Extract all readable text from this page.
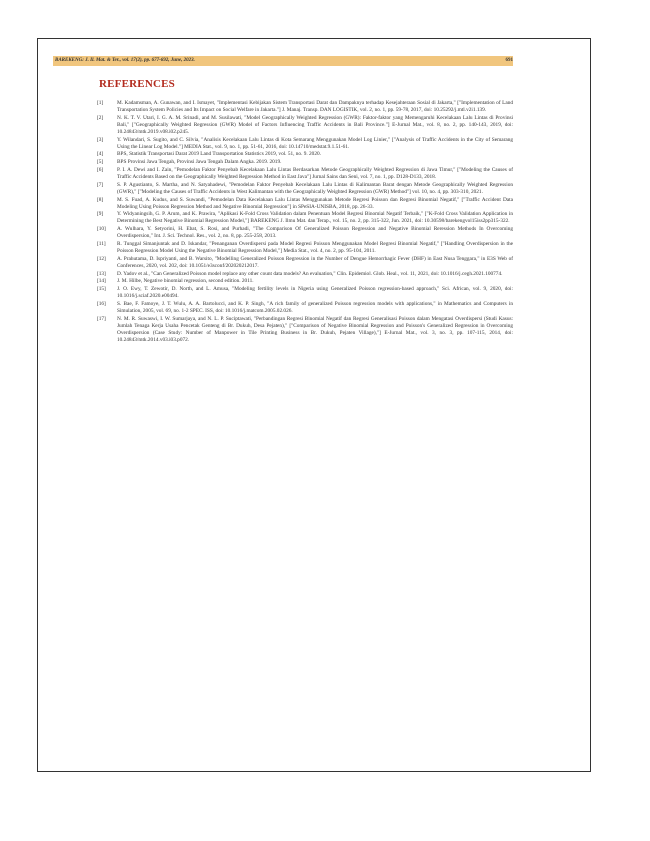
BAREKENG: J. Il. Mat. & Ter., vol. 17(2), pp. 677-692, June, 2023.	691
REFERENCES
[1]	M. Kadamsman, A. Gunawan, and I. Ismayet, "Implementasi Kebijakan Sistem Transportasi Darat dan Dampaknya terhadap Kesejahteraan Sosial di Jakarta," ["Implementation of Land Transportation System Policies and Its Impact on Social Welfare in Jakarta."] J. Manaj. Transp. DAN LOGISTIK, vol. 2, no. 1, pp. 59-78, 2017, doi: 10.25292/j.mtl.v2i1.139.
[2]	N. K. T. V. Utari, I. G. A. M. Srinadi, and M. Susilawati, "Model Geographically Weighted Regression (GWR): Faktor-faktor yang Memengaruhi Kecelakaan Lalu Lintas di Provinsi Bali," ["Geographically Weighted Regression (GWR) Model of Factors Influencing Traffic Accidents in Bali Province."] E-Jurnal Mat., vol. 8, no. 2, pp. 140-143, 2019, doi: 10.24843/mtk.2019.v08.i02.p245.
[3]	Y. Wilandari, S. Sugito, and C. Silvia, "Analisis Kecelakaan Lalu Lintas di Kota Semarang Menggunakan Model Log Linier," ["Analysis of Traffic Accidents in the City of Semarang Using the Linear Log Model."] MEDIA Stat., vol. 9, no. 1, pp. 51-61, 2016, doi: 10.14710/medstat.9.1.51-61.
[4]	BPS, Statistik Transportasi Darat 2019 Land Transportation Statistics 2019, vol. 51, no. 9. 2020.
[5]	BPS Provinsi Jawa Tengah, Provinsi Jawa Tengah Dalam Angka. 2019. 2019.
[6]	P. I. A. Dewi and I. Zain, "Pemodelan Faktor Penyebab Kecelakaan Lalu Lintas Berdasarkan Metode Geographically Weighted Regression di Jawa Timur," ["Modeling the Causes of Traffic Accidents Based on the Geographically Weighted Regression Method in East Java"] Jurnal Sains dan Seni, vol. 7, no. 1, pp. D128-D133, 2018.
[7]	S. P. Agustianto, S. Martha, and N. Satyahadewi, "Pemodelan Faktor Penyebab Kecelakaan Lalu Lintas di Kalimantan Barat dengan Metode Geographically Weighted Regression (GWR)," ["Modeling the Causes of Traffic Accidents in West Kalimantan with the Geographically Weighted Regression (GWR) Method"] vol. 10, no. 4, pp. 303-310, 2021.
[8]	M. S. Fuad, A. Kudus, and S. Suwandi, "Pemodelan Data Kecelakaan Lalu Lintas Menggunakan Metode Regresi Poisson dan Regresi Binomial Negatif," ["Traffic Accident Data Modeling Using Poisson Regression Method and Negative Binomial Regression"] in SPeSIA-UNISBA, 2018, pp. 26-33.
[9]	Y. Widyaningsih, G. P. Arum, and K. Prawira, "Aplikasi K-Fold Cross Validation dalam Penentuan Model Regresi Binomial Negatif Terbaik," ["K-Fold Cross Validation Application in Determining the Best Negative Binomial Regression Model,"] BAREKENG J. Ilmu Mat. dan Terap., vol. 15, no. 2, pp. 315-322, Jun. 2021, doi: 10.30598/barekengvol15iss2pp315-322.
[10]	A. Wulhara, Y. Setyorini, H. Ebat, S. Rosi, and Purhadi, "The Comparison Of Generalized Poisson Regression and Negative Binomial Reression Methods In Overcoming Overdispersion," Int. J. Sci. Technol. Res., vol. 2, no. 8, pp. 255-258, 2013.
[11]	R. Tunggal Simanjuntak and D. Iskandar, "Penanganan Overdispersi pada Model Regresi Poisson Menggunakan Model Regresi Binomial Negatif," ["Handling Overdispersion in the Poisson Regression Model Using the Negative Binomial Regression Model,"] Media Stat., vol. 4, no. 2, pp. 95-104, 2011.
[12]	A. Prahutama, D. Ispriyanti, and B. Warsito, "Modelling Generalized Poisson Regression in the Number of Dengue Hemorrhagic Fever (DHF) in East Nusa Tenggara," in E3S Web of Conferences, 2020, vol. 202, doi: 10.1051/e3sconf/202020212017.
[13]	D. Yadov et al., "Can Generalized Poisson model replace any other count data models? An evaluation," Clin. Epidemiol. Glob. Heal., vol. 11, 2021, doi: 10.1016/j.cegh.2021.100774.
[14]	J. M. Hilbe, Negative binomial regression, second edition. 2011.
[15]	J. O. Ewy, T. Zewotir, D. North, and L. Amusa, "Modeling fertility levels in Nigeria using Generalized Poisson regression-based approach," Sci. African, vol. 9, 2020, doi: 10.1016/j.sciaf.2020.e00494.
[16]	S. Bae, F. Famoye, J. T. Wulu, A. A. Bartolucci, and K. P. Singh, "A rich family of generalized Poisson regression models with applications," in Mathematics and Computers in Simulation, 2005, vol. 69, no. 1-2 SPEC. ISS, doi: 10.1016/j.matcom.2005.02.026.
[17]	N. M. R. Suwaswi, I. W. Sumarjaya, and N. L. P. Suciptawati, "Perbandingan Regresi Binomial Negatif dan Regresi Generalisasi Poisson dalam Mengatasi Overdispersi (Studi Kasus: Jumlah Tenaga Kerja Usaha Pencetak Genteng di Br. Dukuh, Desa Pejaten)," ["Comparison of Negative Binomial Regression and Poisson's Generalized Regression in Overcoming Overdispersion (Case Study: Number of Manpower in Tile Printing Business in Br. Dukuh, Pejaten Village),"] E-Jurnal Mat., vol. 3, no. 3, pp. 107-115, 2014, doi: 10.24843/mtk.2014.v03.i03.p072.
